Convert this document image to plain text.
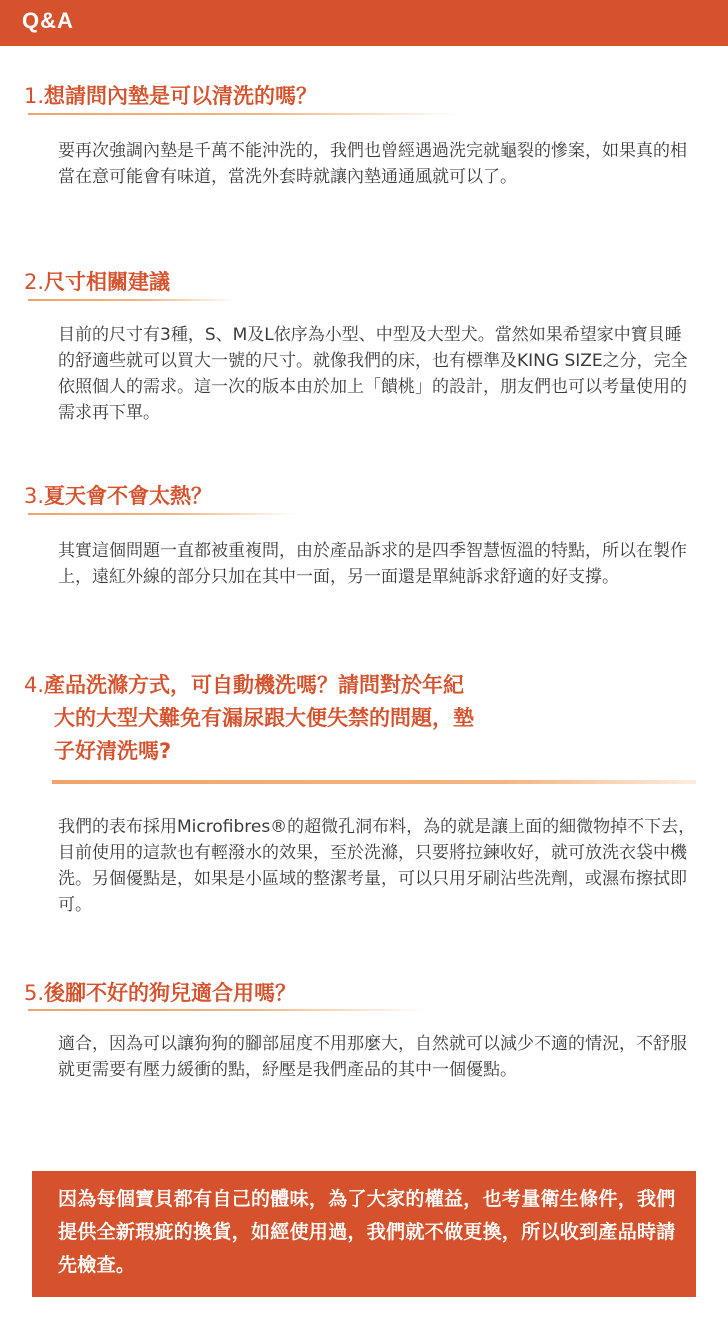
Q&A
1.想請問內墊是可以清洗的嗎？
要再次強調內墊是千萬不能沖洗的，我們也曾經遇過洗完就龜裂的慘案，如果真的相當在意可能會有味道，當洗外套時就讓內墊通通風就可以了。
2.尺寸相關建議
目前的尺寸有3種，S、M及L依序為小型、中型及大型犬。當然如果希望家中寶貝睡的舒適些就可以買大一號的尺寸。就像我們的床，也有標準及KING SIZE之分，完全依照個人的需求。這一次的版本由於加上「饋桃」的設計，朋友們也可以考量使用的需求再下單。
3.夏天會不會太熱？
其實這個問題一直都被重複問，由於產品訴求的是四季智慧恆溫的特點，所以在製作上，遠紅外線的部分只加在其中一面，另一面還是單純訴求舒適的好支撐。
4.產品洗滌方式，可自動機洗嗎？請問對於年紀
大的大型犬難免有漏尿跟大便失禁的問題，墊
子好清洗嗎?
我們的表布採用Microfibres®的超微孔洞布料，為的就是讓上面的細微物掉不下去，目前使用的這款也有輕潑水的效果，至於洗滌，只要將拉鍊收好，就可放洗衣袋中機洗。另個優點是，如果是小區域的整潔考量，可以只用牙刷沾些洗劑，或濕布擦拭即可。
5.後腳不好的狗兒適合用嗎？
適合，因為可以讓狗狗的腳部屈度不用那麼大，自然就可以減少不適的情況，不舒服就更需要有壓力緩衝的點，紓壓是我們產品的其中一個優點。
因為每個寶貝都有自己的體味，為了大家的權益，也考量衛生條件，我們提供全新瑕疵的換貨，如經使用過，我們就不做更換，所以收到產品時請先檢查。
